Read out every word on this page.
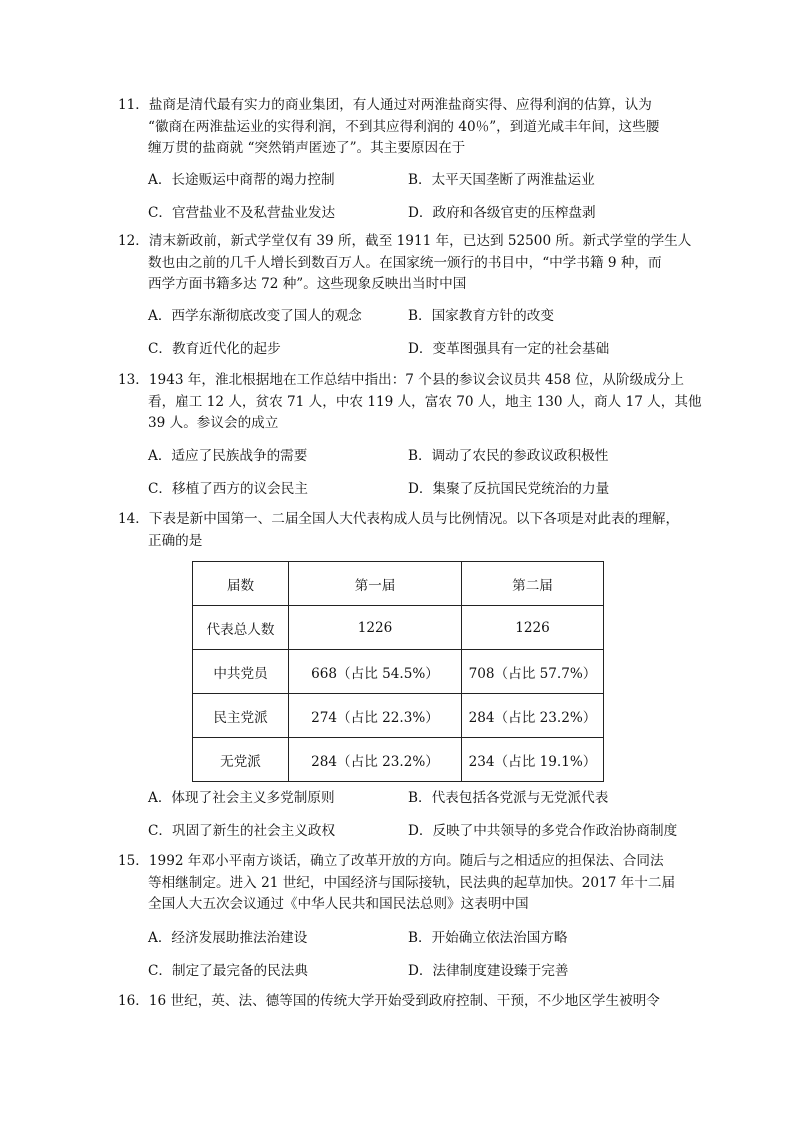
11．盐商是清代最有实力的商业集团，有人通过对两淮盐商实得、应得利润的估算，认为
“徽商在两淮盐运业的实得利润，不到其应得利润的 40％”，到道光咸丰年间，这些腰
缠万贯的盐商就 “突然销声匿迹了”。其主要原因在于
A．长途贩运中商帮的竭力控制	B．太平天国垄断了两淮盐运业
C．官营盐业不及私营盐业发达	D．政府和各级官吏的压榨盘剥
12．清末新政前，新式学堂仅有 39 所，截至 1911 年，已达到 52500 所。新式学堂的学生人
数也由之前的几千人增长到数百万人。在国家统一颁行的书目中，“中学书籍 9 种，而
西学方面书籍多达 72 种”。这些现象反映出当时中国
A．西学东渐彻底改变了国人的观念	B．国家教育方针的改变
C．教育近代化的起步	D．变革图强具有一定的社会基础
13．1943 年，淮北根据地在工作总结中指出：7 个县的参议会议员共 458 位，从阶级成分上
看，雇工 12 人，贫农 71 人，中农 119 人，富农 70 人，地主 130 人，商人 17 人，其他
39 人。参议会的成立
A．适应了民族战争的需要	B．调动了农民的参政议政积极性
C．移植了西方的议会民主	D．集聚了反抗国民党统治的力量
14．下表是新中国第一、二届全国人大代表构成人员与比例情况。以下各项是对此表的理解，
正确的是
届数	第一届	第二届
代表总人数	1226	1226
中共党员	668（占比 54.5%）	708（占比 57.7%）
民主党派	274（占比 22.3%）	284（占比 23.2%）
无党派	284（占比 23.2%）	234（占比 19.1%）
A．体现了社会主义多党制原则	B．代表包括各党派与无党派代表
C．巩固了新生的社会主义政权	D．反映了中共领导的多党合作政治协商制度
15．1992 年邓小平南方谈话，确立了改革开放的方向。随后与之相适应的担保法、合同法
等相继制定。进入 21 世纪，中国经济与国际接轨，民法典的起草加快。2017 年十二届
全国人大五次会议通过《中华人民共和国民法总则》这表明中国
A．经济发展助推法治建设	B．开始确立依法治国方略
C．制定了最完备的民法典	D．法律制度建设臻于完善
16．16 世纪，英、法、德等国的传统大学开始受到政府控制、干预，不少地区学生被明令
